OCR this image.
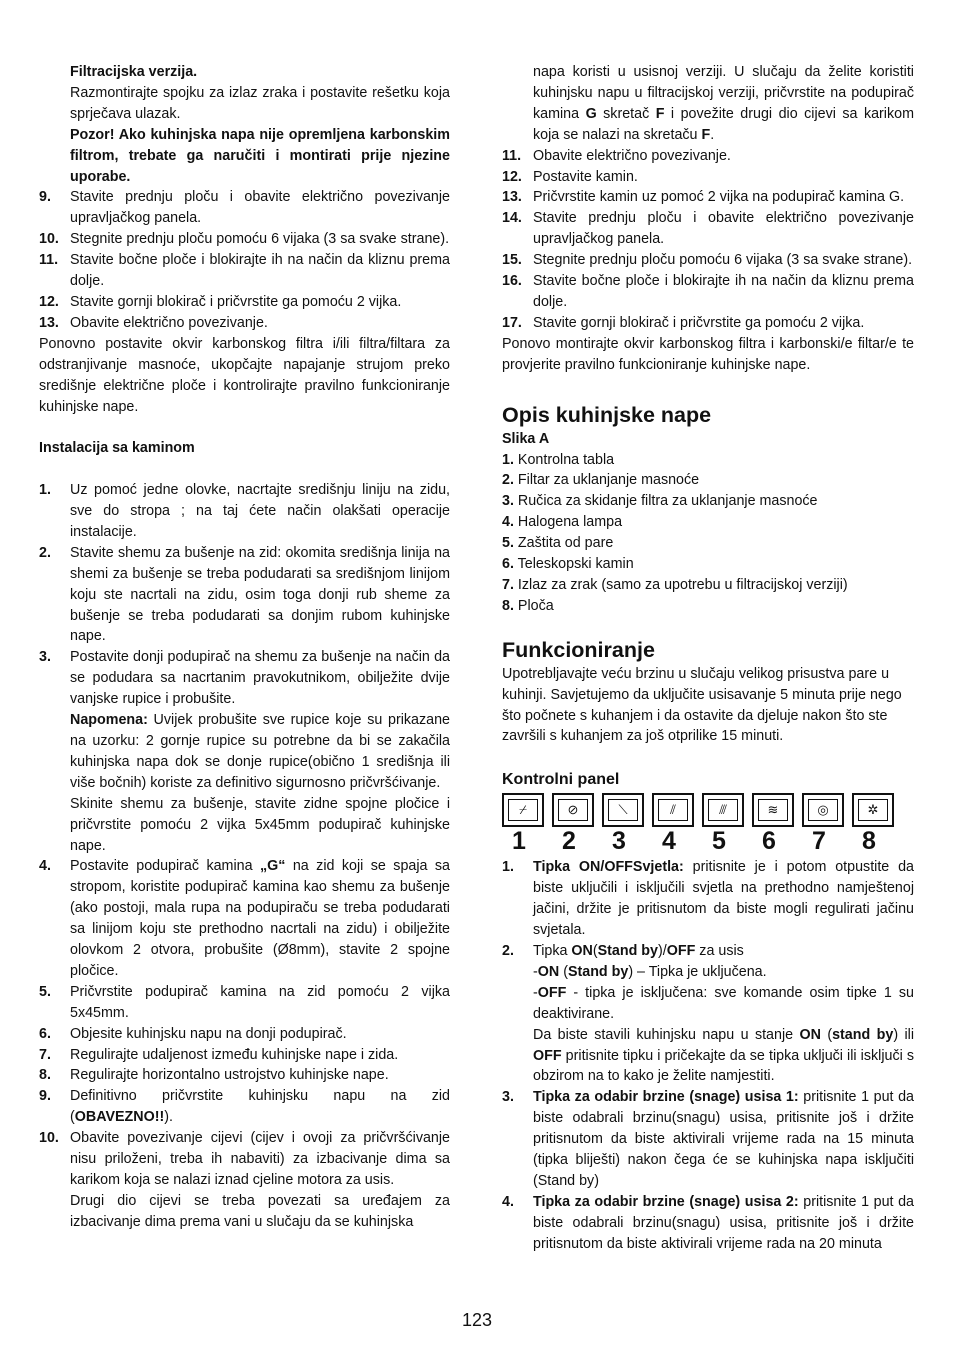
Filtracijska verzija.

Razmontirajte spojku za izlaz zraka i postavite rešetku koja sprječava ulazak.

Pozor! Ako kuhinjska napa nije opremljena karbonskim filtrom, trebate ga naručiti i montirati prije njezine uporabe.

9.	Stavite prednju ploču i obavite električno povezivanje upravljačkog panela.
10. Stegnite prednju ploču pomoću 6 vijaka (3 sa svake strane).
11. Stavite bočne ploče i blokirajte ih na način da kliznu prema dolje.
12. Stavite gornji blokirač i pričvrstite ga pomoću 2 vijka.
13. Obavite električno povezivanje.

Ponovno postavite okvir karbonskog filtra i/ili filtra/filtara za odstranjivanje masnoće, ukopčajte napajanje strujom preko središnje električne ploče i kontrolirajte pravilno funkcioniranje kuhinjske nape.

Instalacija sa kaminom

1.	Uz pomoć jedne olovke, nacrtajte središnju liniju na zidu, sve do stropa ; na taj ćete način olakšati operacije instalacije.
2.	Stavite shemu za bušenje na zid: okomita središnja linija na shemi za bušenje se treba podudarati sa središnjom linijom koju ste nacrtali na zidu, osim toga donji rub sheme za bušenje se treba podudarati sa donjim rubom kuhinjske nape.
3.	Postavite donji podupirač na shemu za bušenje na način da se podudara sa nacrtanim pravokutnikom, obilježite dvije vanjske rupice i probušite.

Napomena: Uvijek probušite sve rupice koje su prikazane na uzorku: 2 gornje rupice su potrebne da bi se zakačila kuhinjska napa dok se donje rupice(obično 1 središnja ili više bočnih) koriste za definitivo sigurnosno pričvršćivanje.

Skinite shemu za bušenje, stavite zidne spojne pločice i pričvrstite pomoću 2 vijka 5x45mm podupirač kuhinjske nape.

4.	Postavite podupirač kamina „G“ na zid koji se spaja sa stropom, koristite podupirač kamina kao shemu za bušenje (ako postoji, mala rupa na podupiraču se treba podudarati sa linijom koju ste prethodno nacrtali na zidu) i obilježite olovkom 2 otvora, probušite (Ø8mm), stavite 2 spojne pločice.
5.	Pričvrstite podupirač kamina na zid pomoću 2 vijka 5x45mm.
6.	Objesite kuhinjsku napu na donji podupirač.
7.	Regulirajte udaljenost između kuhinjske nape i zida.
8.	Regulirajte horizontalno ustrojstvo kuhinjske nape.
9.	Definitivno pričvrstite kuhinjsku napu na zid (OBAVEZNO!!).
10. Obavite povezivanje cijevi (cijev i ovoji za pričvršćivanje nisu priloženi, treba ih nabaviti) za izbacivanje dima sa karikom koja se nalazi iznad cjeline motora za usis.

Drugi dio cijevi se treba povezati sa uređajem za izbacivanje dima prema vani u slučaju da se kuhinjska

napa koristi u usisnoj verziji. U slučaju da želite koristiti kuhinjsku napu u filtracijskoj verziji, pričvrstite na podupirač kamina G skretač F i povežite drugi dio cijevi sa karikom koja se nalazi na skretaču F.

11. Obavite električno povezivanje.
12. Postavite kamin.
13. Pričvrstite kamin uz pomoć 2 vijka na podupirač kamina G.
14. Stavite prednju ploču i obavite električno povezivanje upravljačkog panela.
15. Stegnite prednju ploču pomoću 6 vijaka (3 sa svake strane).
16. Stavite bočne ploče i blokirajte ih na način da kliznu prema dolje.
17. Stavite gornji blokirač i pričvrstite ga pomoću 2 vijka.

Ponovo montirajte okvir karbonskog filtra i karbonski/e filtar/e te provjerite pravilno funkcioniranje kuhinjske nape.

Opis kuhinjske nape

Slika A

1. Kontrolna tabla
2. Filtar za uklanjanje masnoće
3. Ručica za skidanje filtra za uklanjanje masnoće
4. Halogena lampa
5. Zaštita od pare
6. Teleskopski kamin
7. Izlaz za zrak (samo za upotrebu u filtracijskoj verziji)
8. Ploča
Funkcioniranje

Upotrebljavajte veću brzinu u slučaju velikog prisustva pare u kuhinji. Savjetujemo da uključite usisavanje 5 minuta prije nego što počnete s kuhanjem i da ostavite da djeluje nakon što ste završili s kuhanjem za još otprilike 15 minuti.

Kontrolni panel
⌿	⊘	⟍	⫽	⫻	≋	◎	✲
1	2	3	4	5	6	7	8
1.	Tipka ON/OFFSvjetla: pritisnite je i potom otpustite da biste uključili i isključili svjetla na prethodno namještenoj jačini, držite je pritisnutom da biste mogli regulirati jačinu svjetala.
2.	Tipka ON(Stand by)/OFF za usis

-ON (Stand by) – Tipka je uključena.

-OFF - tipka je isključena: sve komande osim tipke 1 su deaktivirane.

Da biste stavili kuhinjsku napu u stanje ON (stand by) ili OFF pritisnite tipku i pričekajte da se tipka uključi ili isključi s obzirom na to kako je želite namjestiti.

3.	Tipka za odabir brzine (snage) usisa 1: pritisnite 1 put da biste odabrali brzinu(snagu) usisa, pritisnite još i držite pritisnutom da biste aktivirali vrijeme rada na 15 minuta (tipka bliješti) nakon čega će se kuhinjska napa isključiti (Stand by)
4.	Tipka za odabir brzine (snage) usisa 2: pritisnite 1 put da biste odabrali brzinu(snagu) usisa, pritisnite još i držite pritisnutom da biste aktivirali vrijeme rada na 20 minuta
123
